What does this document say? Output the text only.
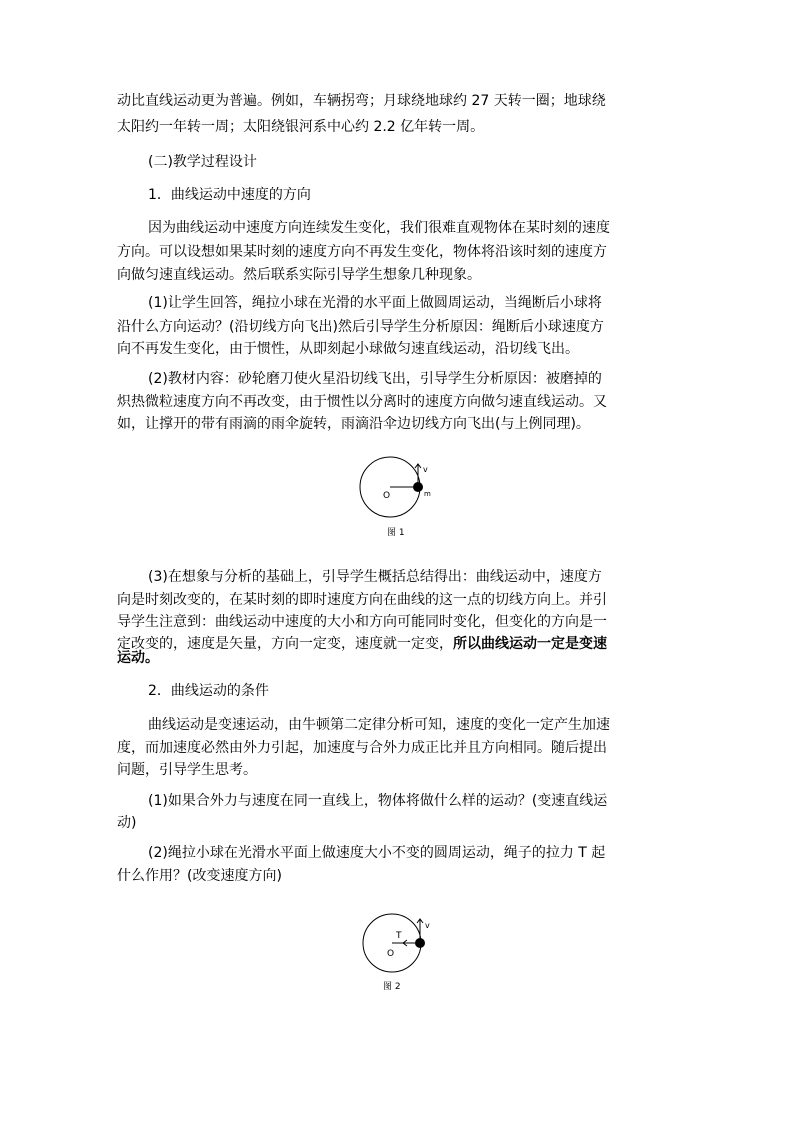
动比直线运动更为普遍。例如，车辆拐弯；月球绕地球约 27 天转一圈；地球绕
太阳约一年转一周；太阳绕银河系中心约 2.2 亿年转一周。
(二)教学过程设计
1．曲线运动中速度的方向
因为曲线运动中速度方向连续发生变化，我们很难直观物体在某时刻的速度
方向。可以设想如果某时刻的速度方向不再发生变化，物体将沿该时刻的速度方
向做匀速直线运动。然后联系实际引导学生想象几种现象。
(1)让学生回答，绳拉小球在光滑的水平面上做圆周运动，当绳断后小球将
沿什么方向运动？(沿切线方向飞出)然后引导学生分析原因：绳断后小球速度方
向不再发生变化，由于惯性，从即刻起小球做匀速直线运动，沿切线飞出。
(2)教材内容：砂轮磨刀使火星沿切线飞出，引导学生分析原因：被磨掉的
炽热微粒速度方向不再改变，由于惯性以分离时的速度方向做匀速直线运动。又
如，让撑开的带有雨滴的雨伞旋转，雨滴沿伞边切线方向飞出(与上例同理)。
v
O	m
图 1
(3)在想象与分析的基础上，引导学生概括总结得出：曲线运动中，速度方
向是时刻改变的，在某时刻的即时速度方向在曲线的这一点的切线方向上。并引
导学生注意到：曲线运动中速度的大小和方向可能同时变化，但变化的方向是一
定改变的，速度是矢量，方向一定变，速度就一定变，所以曲线运动一定是变速
运动。
2．曲线运动的条件
曲线运动是变速运动，由牛顿第二定律分析可知，速度的变化一定产生加速
度，而加速度必然由外力引起，加速度与合外力成正比并且方向相同。随后提出
问题，引导学生思考。
(1)如果合外力与速度在同一直线上，物体将做什么样的运动？(变速直线运
动)
(2)绳拉小球在光滑水平面上做速度大小不变的圆周运动，绳子的拉力 T 起
什么作用？(改变速度方向)
v
T
O
图 2
